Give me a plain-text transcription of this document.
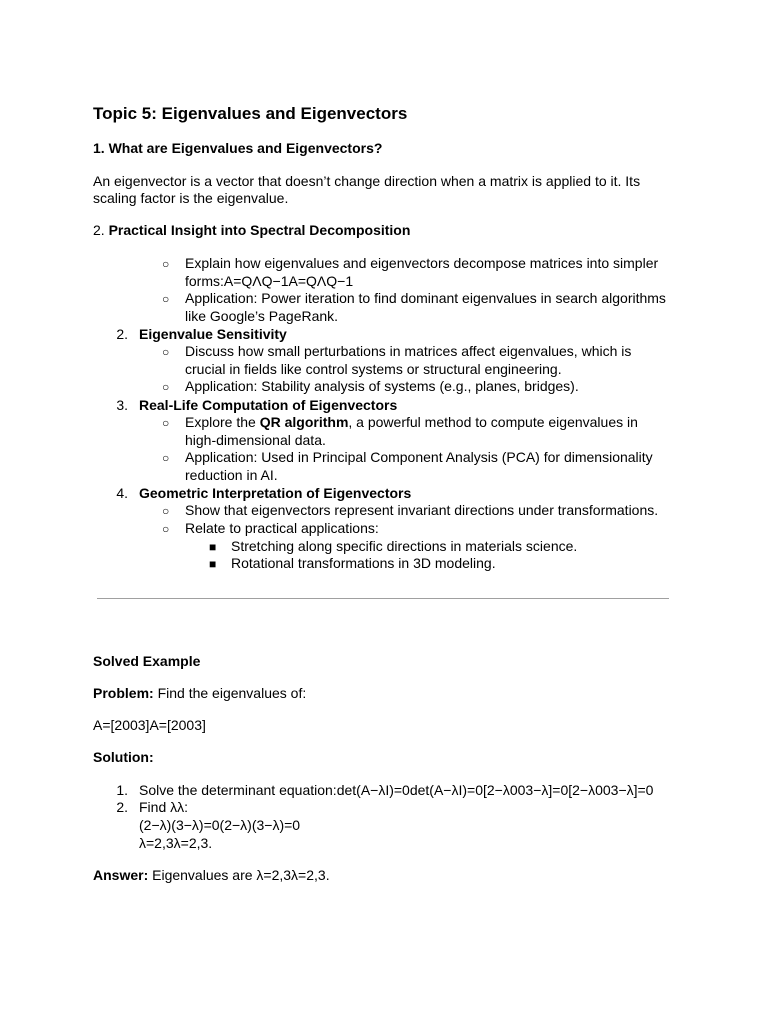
Topic 5: Eigenvalues and Eigenvectors
1. What are Eigenvalues and Eigenvectors?
An eigenvector is a vector that doesn’t change direction when a matrix is applied to it. Its
scaling factor is the eigenvalue.
2. Practical Insight into Spectral Decomposition
○ Explain how eigenvalues and eigenvectors decompose matrices into simpler
forms:A=QΛQ−1A=QΛQ−1
○ Application: Power iteration to find dominant eigenvalues in search algorithms
like Google’s PageRank.
2. Eigenvalue Sensitivity
○ Discuss how small perturbations in matrices affect eigenvalues, which is
crucial in fields like control systems or structural engineering.
○ Application: Stability analysis of systems (e.g., planes, bridges).
3. Real-Life Computation of Eigenvectors
○ Explore the QR algorithm, a powerful method to compute eigenvalues in
high-dimensional data.
○ Application: Used in Principal Component Analysis (PCA) for dimensionality
reduction in AI.
4. Geometric Interpretation of Eigenvectors
○ Show that eigenvectors represent invariant directions under transformations.
○ Relate to practical applications:
■ Stretching along specific directions in materials science.
■ Rotational transformations in 3D modeling.
Solved Example
Problem: Find the eigenvalues of:
A=[2003]A=[2003]
Solution:
1. Solve the determinant equation:det(A−λI)=0det(A−λI)=0[2−λ003−λ]=0[2−λ003−λ]=0
2. Find λλ:
(2−λ)(3−λ)=0(2−λ)(3−λ)=0
λ=2,3λ=2,3.
Answer: Eigenvalues are λ=2,3λ=2,3.
